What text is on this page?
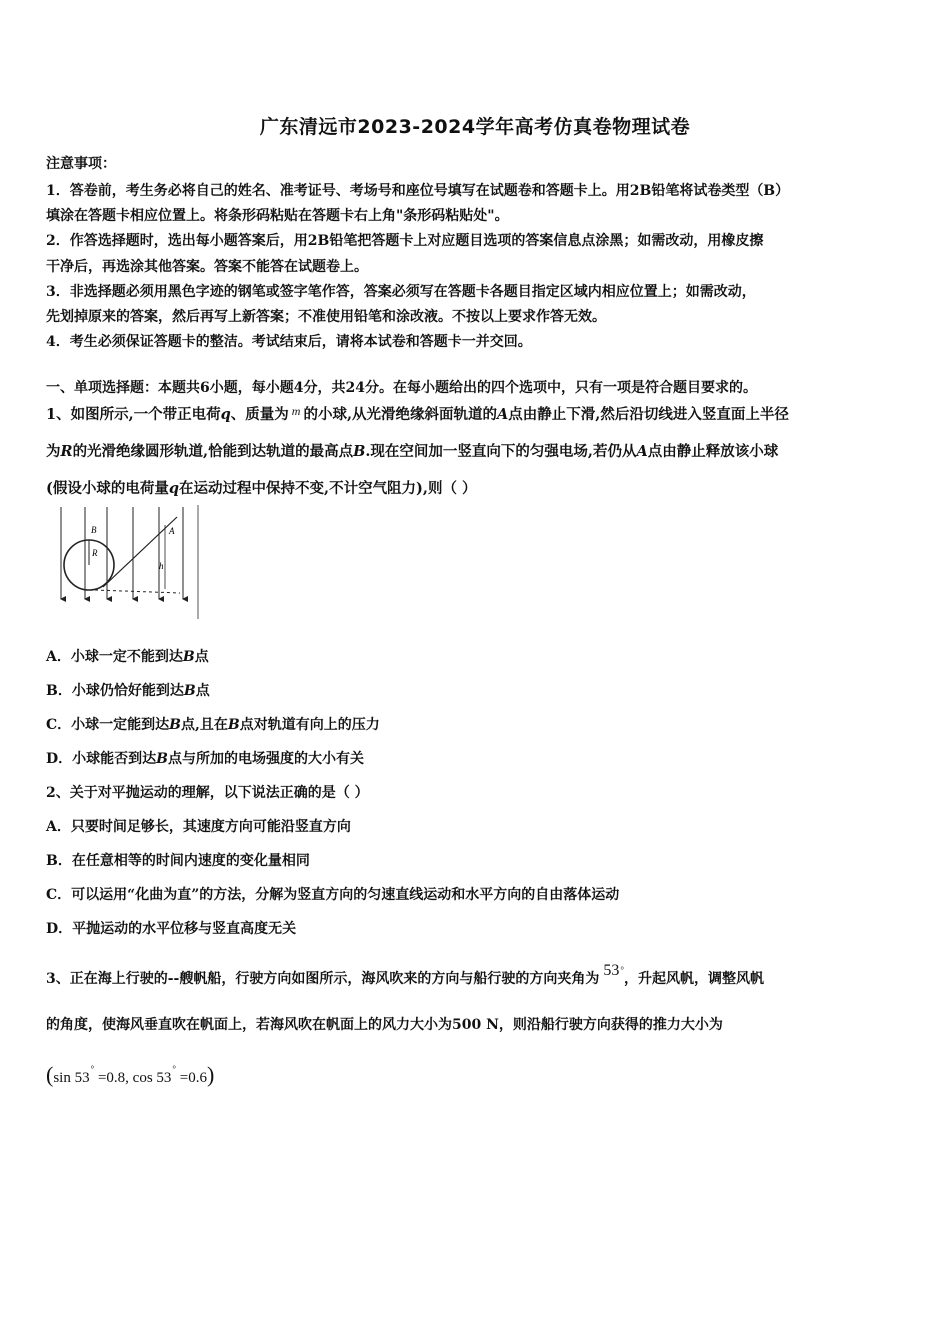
广东清远市2023-2024学年高考仿真卷物理试卷
注意事项：
1．答卷前，考生务必将自己的姓名、准考证号、考场号和座位号填写在试题卷和答题卡上。用2B铅笔将试卷类型（B）
填涂在答题卡相应位置上。将条形码粘贴在答题卡右上角"条形码粘贴处"。
2．作答选择题时，选出每小题答案后，用2B铅笔把答题卡上对应题目选项的答案信息点涂黑；如需改动，用橡皮擦
干净后，再选涂其他答案。答案不能答在试题卷上。
3．非选择题必须用黑色字迹的钢笔或签字笔作答，答案必须写在答题卡各题目指定区域内相应位置上；如需改动，
先划掉原来的答案，然后再写上新答案；不准使用铅笔和涂改液。不按以上要求作答无效。
4．考生必须保证答题卡的整洁。考试结束后，请将本试卷和答题卡一并交回。
一、单项选择题：本题共6小题，每小题4分，共24分。在每小题给出的四个选项中，只有一项是符合题目要求的。
1、如图所示,一个带正电荷q、质量为 $^m$ 的小球,从光滑绝缘斜面轨道的A点由静止下滑,然后沿切线进入竖直面上半径
为R的光滑绝缘圆形轨道,恰能到达轨道的最高点B.现在空间加一竖直向下的匀强电场,若仍从A点由静止释放该小球
(假设小球的电荷量q在运动过程中保持不变,不计空气阻力),则（ ）
B
R
A
h
A．小球一定不能到达B点
B．小球仍恰好能到达B点
C．小球一定能到达B点,且在B点对轨道有向上的压力
D．小球能否到达B点与所加的电场强度的大小有关
2、关于对平抛运动的理解，以下说法正确的是（ ）
A．只要时间足够长，其速度方向可能沿竖直方向
B．在任意相等的时间内速度的变化量相同
C．可以运用“化曲为直”的方法，分解为竖直方向的匀速直线运动和水平方向的自由落体运动
D．平抛运动的水平位移与竖直高度无关
3、正在海上行驶的--艘帆船，行驶方向如图所示，海风吹来的方向与船行驶的方向夹角为 53°，升起风帆，调整风帆
的角度，使海风垂直吹在帆面上，若海风吹在帆面上的风力大小为500 N，则沿船行驶方向获得的推力大小为
(sin 53° =0.8, cos 53° =0.6)
